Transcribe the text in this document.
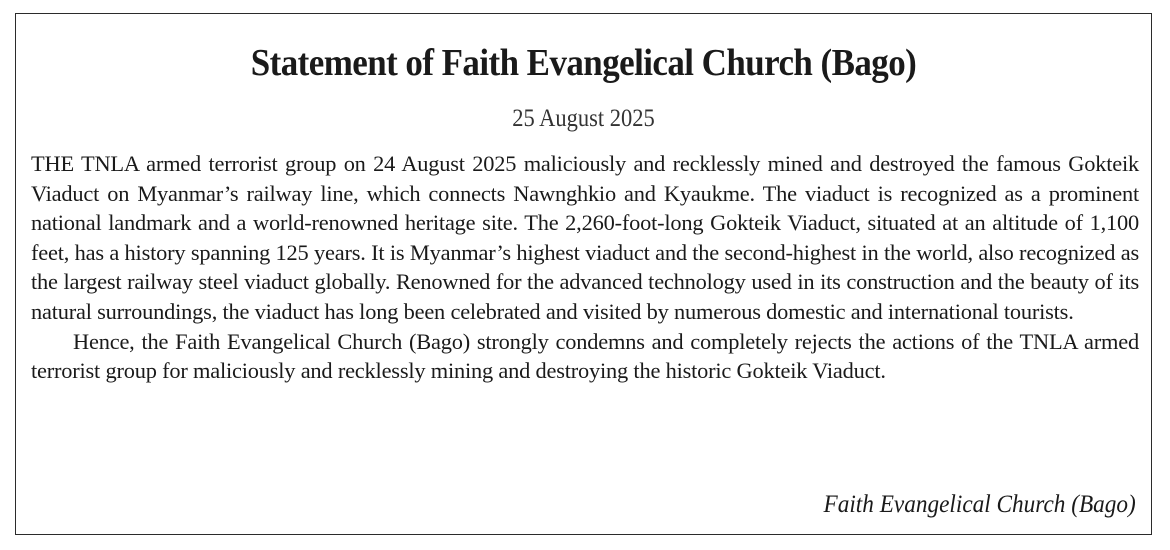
Statement of Faith Evangelical Church (Bago)
25 August 2025

THE TNLA armed terrorist group on 24 August 2025 maliciously and recklessly mined and destroyed the famous Gokteik Viaduct on Myanmar’s railway line, which connects Nawnghkio and Kyaukme. The viaduct is recognized as a prominent national landmark and a world-renowned heritage site. The 2,260-foot-long Gokteik Viaduct, situated at an altitude of 1,100 feet, has a history spanning 125 years. It is Myanmar’s highest viaduct and the second-highest in the world, also recognized as the largest railway steel viaduct globally. Renowned for the advanced technology used in its construction and the beauty of its natural surroundings, the viaduct has long been celebrated and visited by numerous domestic and international tourists.

Hence, the Faith Evangelical Church (Bago) strongly condemns and completely rejects the actions of the TNLA armed terrorist group for maliciously and recklessly mining and destroying the historic Gokteik Viaduct.

Faith Evangelical Church (Bago)
